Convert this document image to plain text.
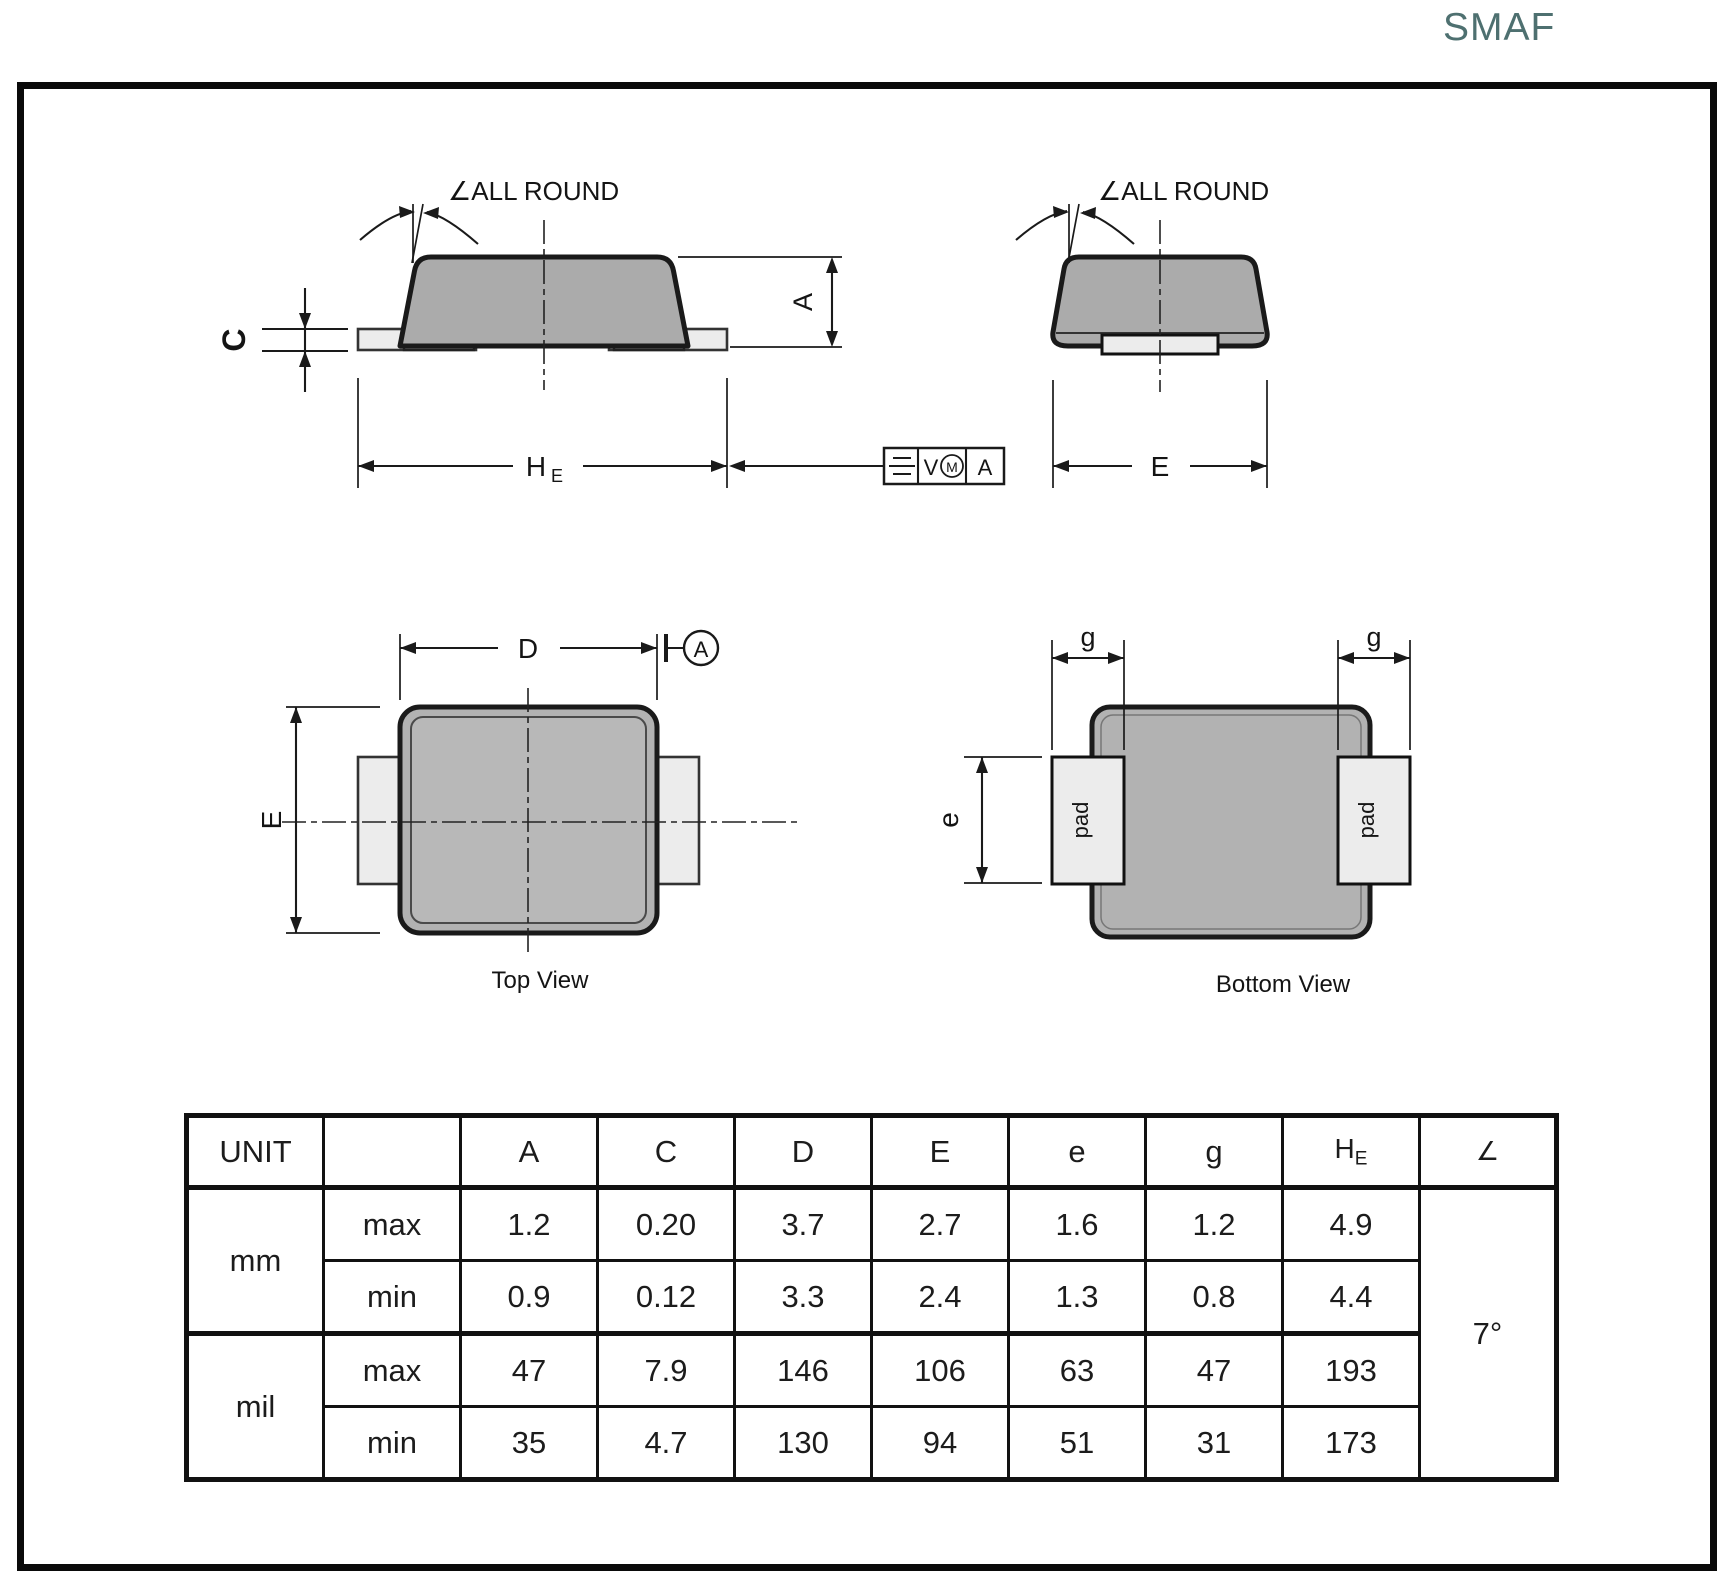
SMAF
∠ALL ROUND
C
A
H E	V M A
∠ALL ROUND
E
D	A
E
Top View
pad	pad
g	g
e
Bottom View
UNIT		A	C	D	E	e	g	$H_E$	∠
mm	max	1.2	0.20	3.7	2.7	1.6	1.2	4.9	7°
	min	0.9	0.12	3.3	2.4	1.3	0.8	4.4	
mil	max	47	7.9	146	106	63	47	193	
	min	35	4.7	130	94	51	31	173	
